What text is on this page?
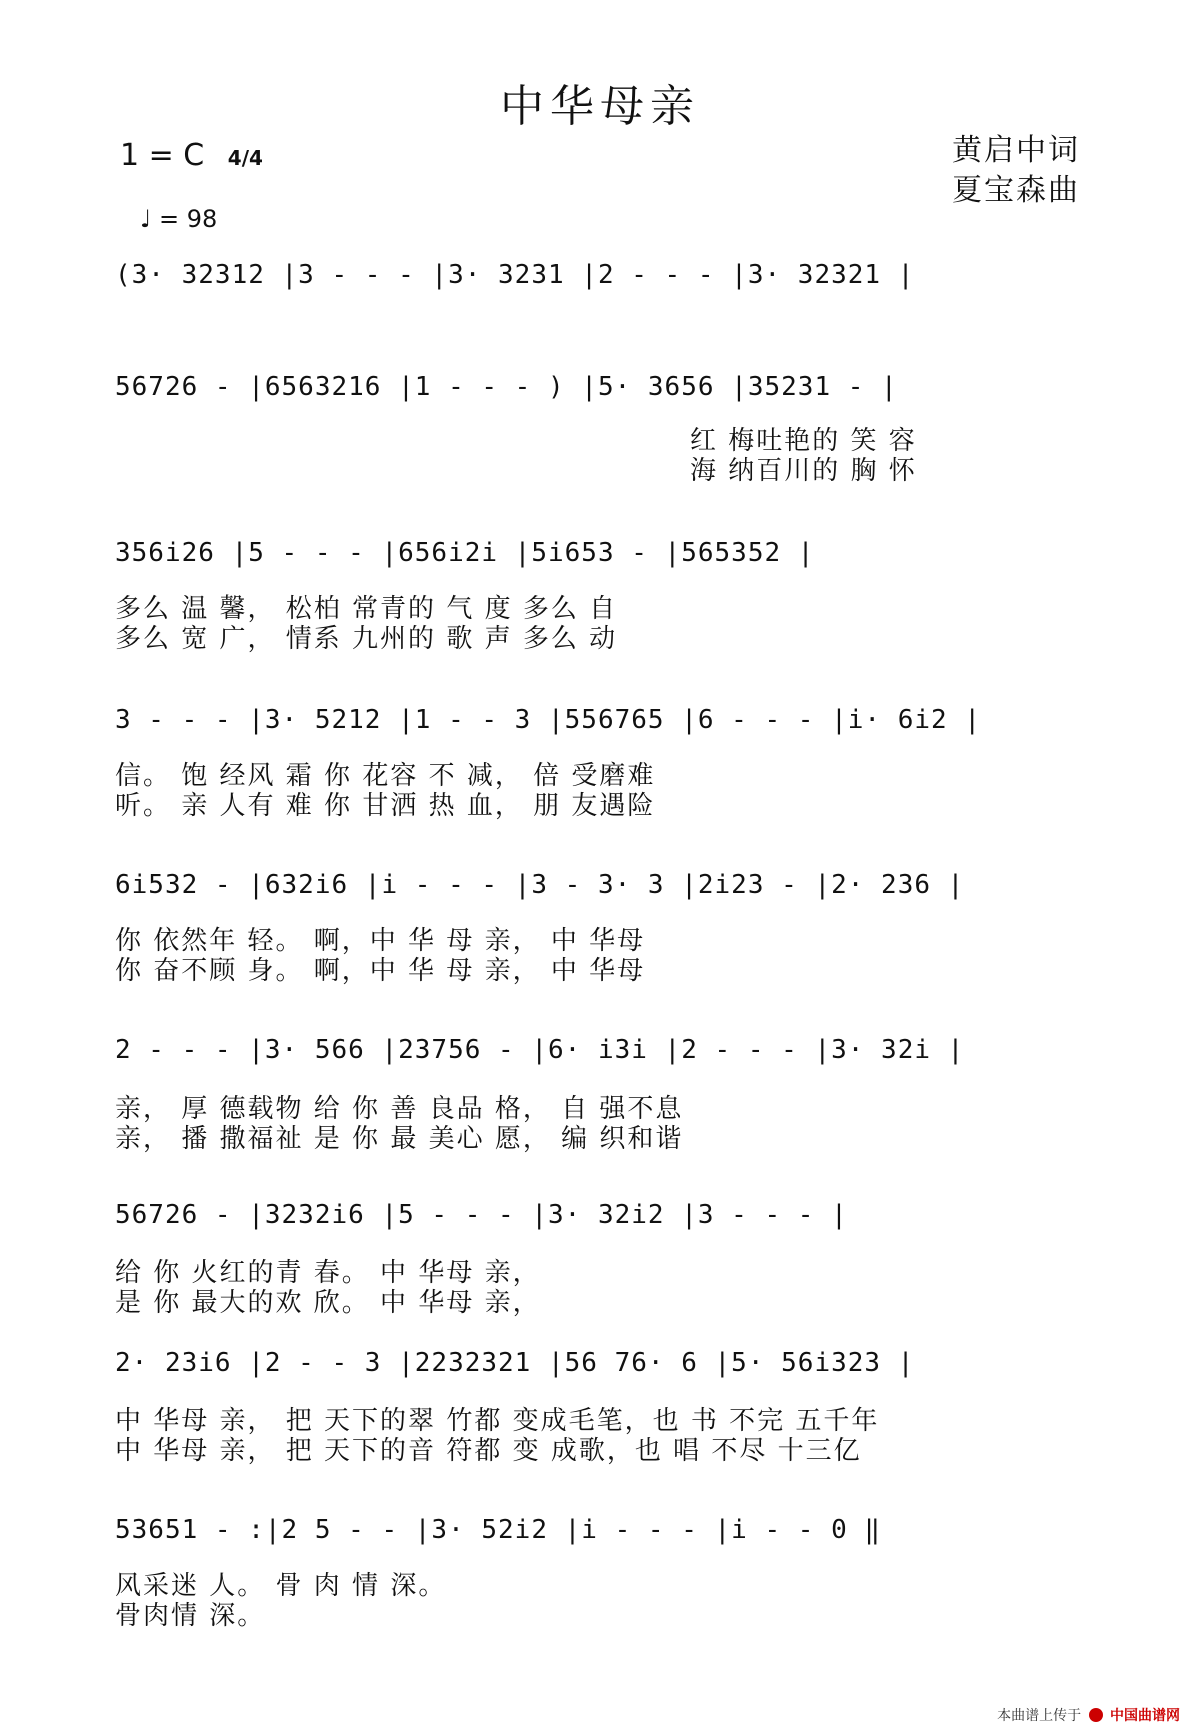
中华母亲
1 = C 4/4
♩ = 98
黄启中词
夏宝森曲
(3· 32312 |3 - - - |3· 3231 |2 - - - |3· 32321 |
56726 - |6563216 |1 - - - ) |5· 3656 |35231 - |
红 梅吐艳的 笑 容
海 纳百川的 胸 怀
356i26 |5 - - - |656i2i |5i653 - |565352 |
多么 温 馨， 松柏 常青的 气 度 多么 自
多么 宽 广， 情系 九州的 歌 声 多么 动
3 - - - |3· 5212 |1 - - 3 |556765 |6 - - - |i· 6i2 |
信。 饱 经风 霜 你 花容 不 减， 倍 受磨难
听。 亲 人有 难 你 甘洒 热 血， 朋 友遇险
6i532 - |632i6 |i - - - |3 - 3· 3 |2i23 - |2· 236 |
你 依然年 轻。 啊，中 华 母 亲， 中 华母
你 奋不顾 身。 啊，中 华 母 亲， 中 华母
2 - - - |3· 566 |23756 - |6· i3i |2 - - - |3· 32i |
亲， 厚 德载物 给 你 善 良品 格， 自 强不息
亲， 播 撒福祉 是 你 最 美心 愿， 编 织和谐
56726 - |3232i6 |5 - - - |3· 32i2 |3 - - - |
给 你 火红的青 春。 中 华母 亲，
是 你 最大的欢 欣。 中 华母 亲，
2· 23i6 |2 - - 3 |2232321 |56 76· 6 |5· 56i323 |
中 华母 亲， 把 天下的翠 竹都 变成毛笔，也 书 不完 五千年
中 华母 亲， 把 天下的音 符都 变 成歌，也 唱 不尽 十三亿
53651 - :|2 5 - - |3· 52i2 |i - - - |i - - 0 ‖
风采迷 人。 骨 肉 情 深。
骨肉情 深。
本曲谱上传于 中国曲谱网
